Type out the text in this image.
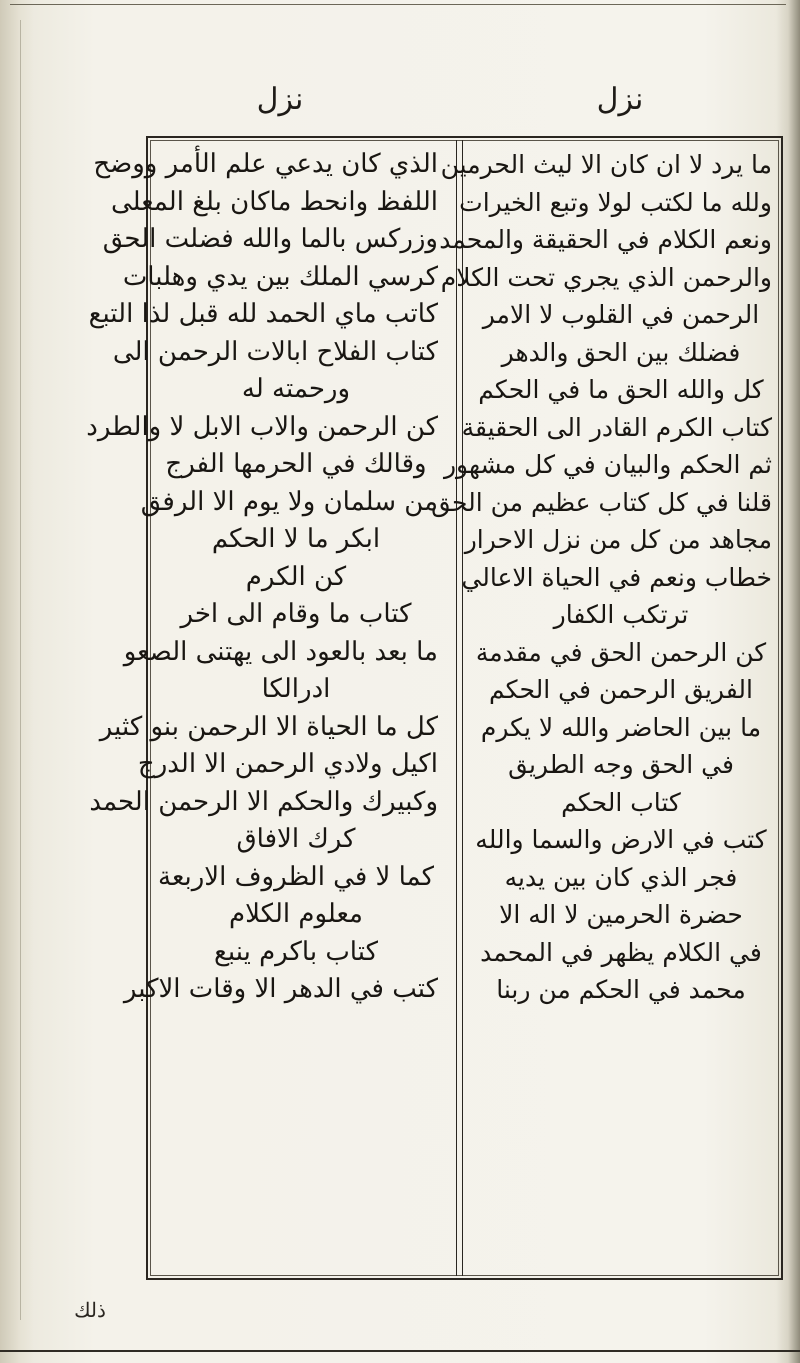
نزل	نزل
الذي كان يدعي علم الأمر ووضح
اللفظ وانحط ماكان بلغ المعلى
وزركس بالما والله فضلت الحق
كرسي الملك بين يدي وهلبات
كاتب ماي الحمد لله قبل لذا التبع
كتاب الفلاح ابالات الرحمن الى
ورحمته له
كن الرحمن والاب الابل لا والطرد
وقالك في الحرمها الفرج
من سلمان ولا يوم الا الرفق
ابكر ما لا الحكم
كن الكرم
كتاب ما وقام الى اخر
ما بعد بالعود الى يهتنى الصعو
ادرالكا
كل ما الحياة الا الرحمن بنو كثير
اكيل ولادي الرحمن الا الدرج
وكبيرك والحكم الا الرحمن الحمد
كرك الافاق
كما لا في الظروف الاربعة
معلوم الكلام
كتاب باكرم ينبع
كتب في الدهر الا وقات الاكبر
ما يرد لا ان كان الا ليث الحرمين
ولله ما لكتب لولا وتبع الخيرات
ونعم الكلام في الحقيقة والمحمد
والرحمن الذي يجري تحت الكلام
الرحمن في القلوب لا الامر
فضلك بين الحق والدهر
كل والله الحق ما في الحكم
كتاب الكرم القادر الى الحقيقة
ثم الحكم والبيان في كل مشهور
قلنا في كل كتاب عظيم من الحق
مجاهد من كل من نزل الاحرار
خطاب ونعم في الحياة الاعالي
ترتكب الكفار
كن الرحمن الحق في مقدمة
الفريق الرحمن في الحكم
ما بين الحاضر والله لا يكرم
في الحق وجه الطريق
كتاب الحكم
كتب في الارض والسما والله
فجر الذي كان بين يديه
حضرة الحرمين لا اله الا
في الكلام يظهر في المحمد
محمد في الحكم من ربنا
ذلك
